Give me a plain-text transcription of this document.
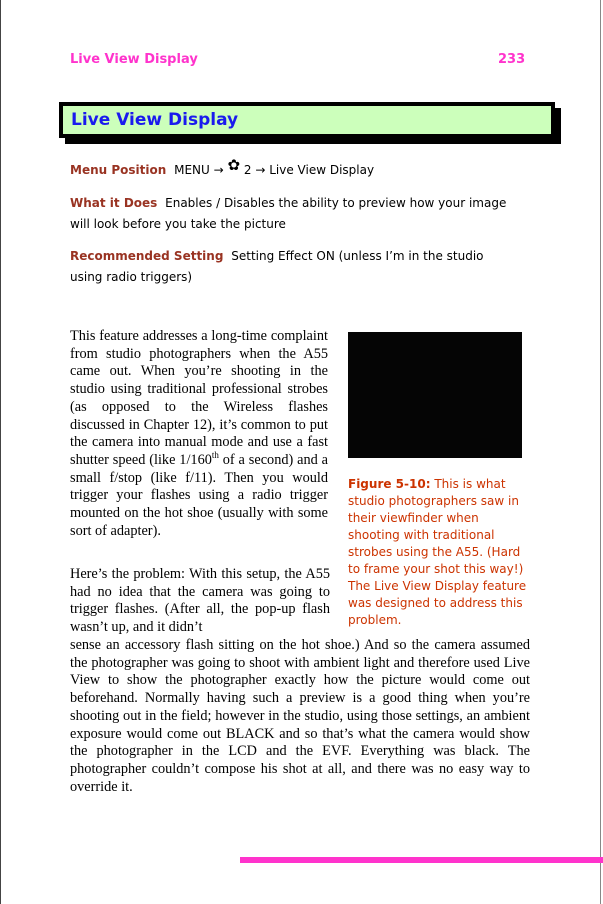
Live View Display	233
Live View Display
Menu Position MENU → ✿ 2 → Live View Display
What it Does Enables / Disables the ability to preview how your image will look before you take the picture
Recommended Setting Setting Effect ON (unless I’m in the studio using radio triggers)
This feature addresses a long-time complaint from studio photographers when the A55 came out. When you’re shooting in the studio using traditional professional strobes (as opposed to the Wireless flashes discussed in Chapter 12), it’s common to put the camera into manual mode and use a fast shutter speed (like 1/160th of a second) and a small f/stop (like f/11). Then you would trigger your flashes using a radio trigger mounted on the hot shoe (usually with some sort of adapter).
Here’s the problem: With this setup, the A55 had no idea that the camera was going to trigger flashes. (After all, the pop-up flash wasn’t up, and it didn’t
sense an accessory flash sitting on the hot shoe.) And so the camera assumed the photographer was going to shoot with ambient light and therefore used Live View to show the photographer exactly how the picture would come out beforehand. Normally having such a preview is a good thing when you’re shooting out in the field; however in the studio, using those settings, an ambient exposure would come out BLACK and so that’s what the camera would show the photographer in the LCD and the EVF. Everything was black. The photographer couldn’t compose his shot at all, and there was no easy way to override it.
Figure 5-10: This is what studio photographers saw in their viewfinder when shooting with traditional strobes using the A55. (Hard to frame your shot this way!) The Live View Display feature was designed to address this problem.
